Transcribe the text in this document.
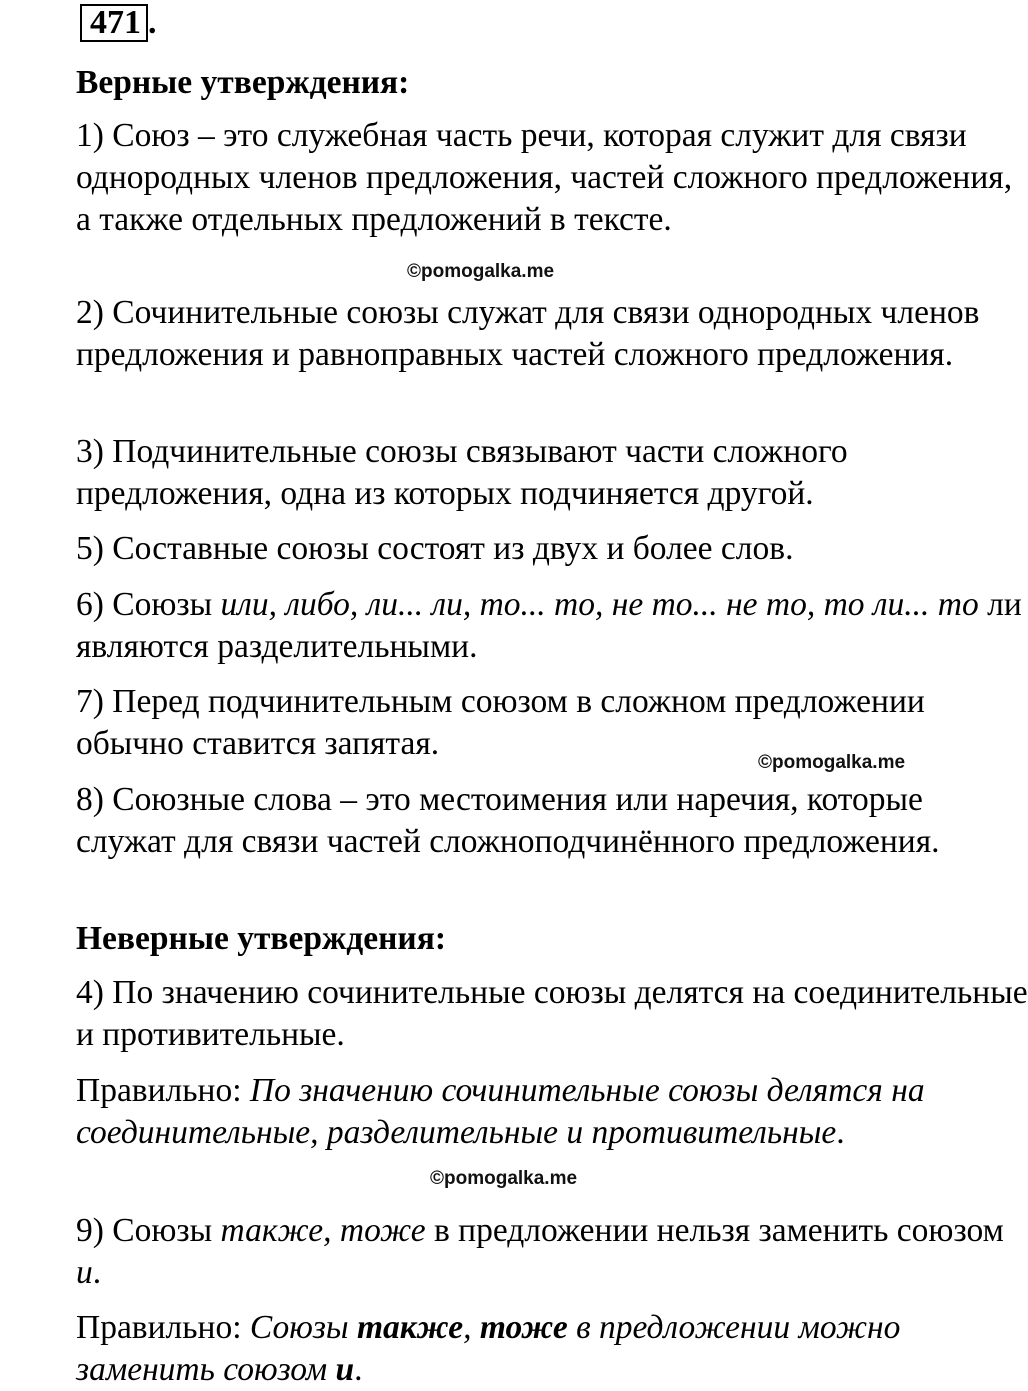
471 .
Верные утверждения:
1) Союз – это служебная часть речи, которая служит для связи однородных членов предложения, частей сложного предложения, а также отдельных предложений в тексте.
2) Сочинительные союзы служат для связи однородных членов предложения и равноправных частей сложного предложения.
3) Подчинительные союзы связывают части сложного предложения, одна из которых подчиняется другой.
5) Составные союзы состоят из двух и более слов.
6) Союзы или, либо, ли... ли, то... то, не то... не то, то ли... то ли являются разделительными.
7) Перед подчинительным союзом в сложном предложении обычно ставится запятая.
8) Союзные слова – это местоимения или наречия, которые служат для связи частей сложноподчинённого предложения.
Неверные утверждения:
4) По значению сочинительные союзы делятся на соединительные и противительные.
Правильно: По значению сочинительные союзы делятся на соединительные, разделительные и противительные.
9) Союзы также, тоже в предложении нельзя заменить союзом и.
Правильно: Союзы также, тоже в предложении можно заменить союзом и.
©pomogalka.me
©pomogalka.me
©pomogalka.me
